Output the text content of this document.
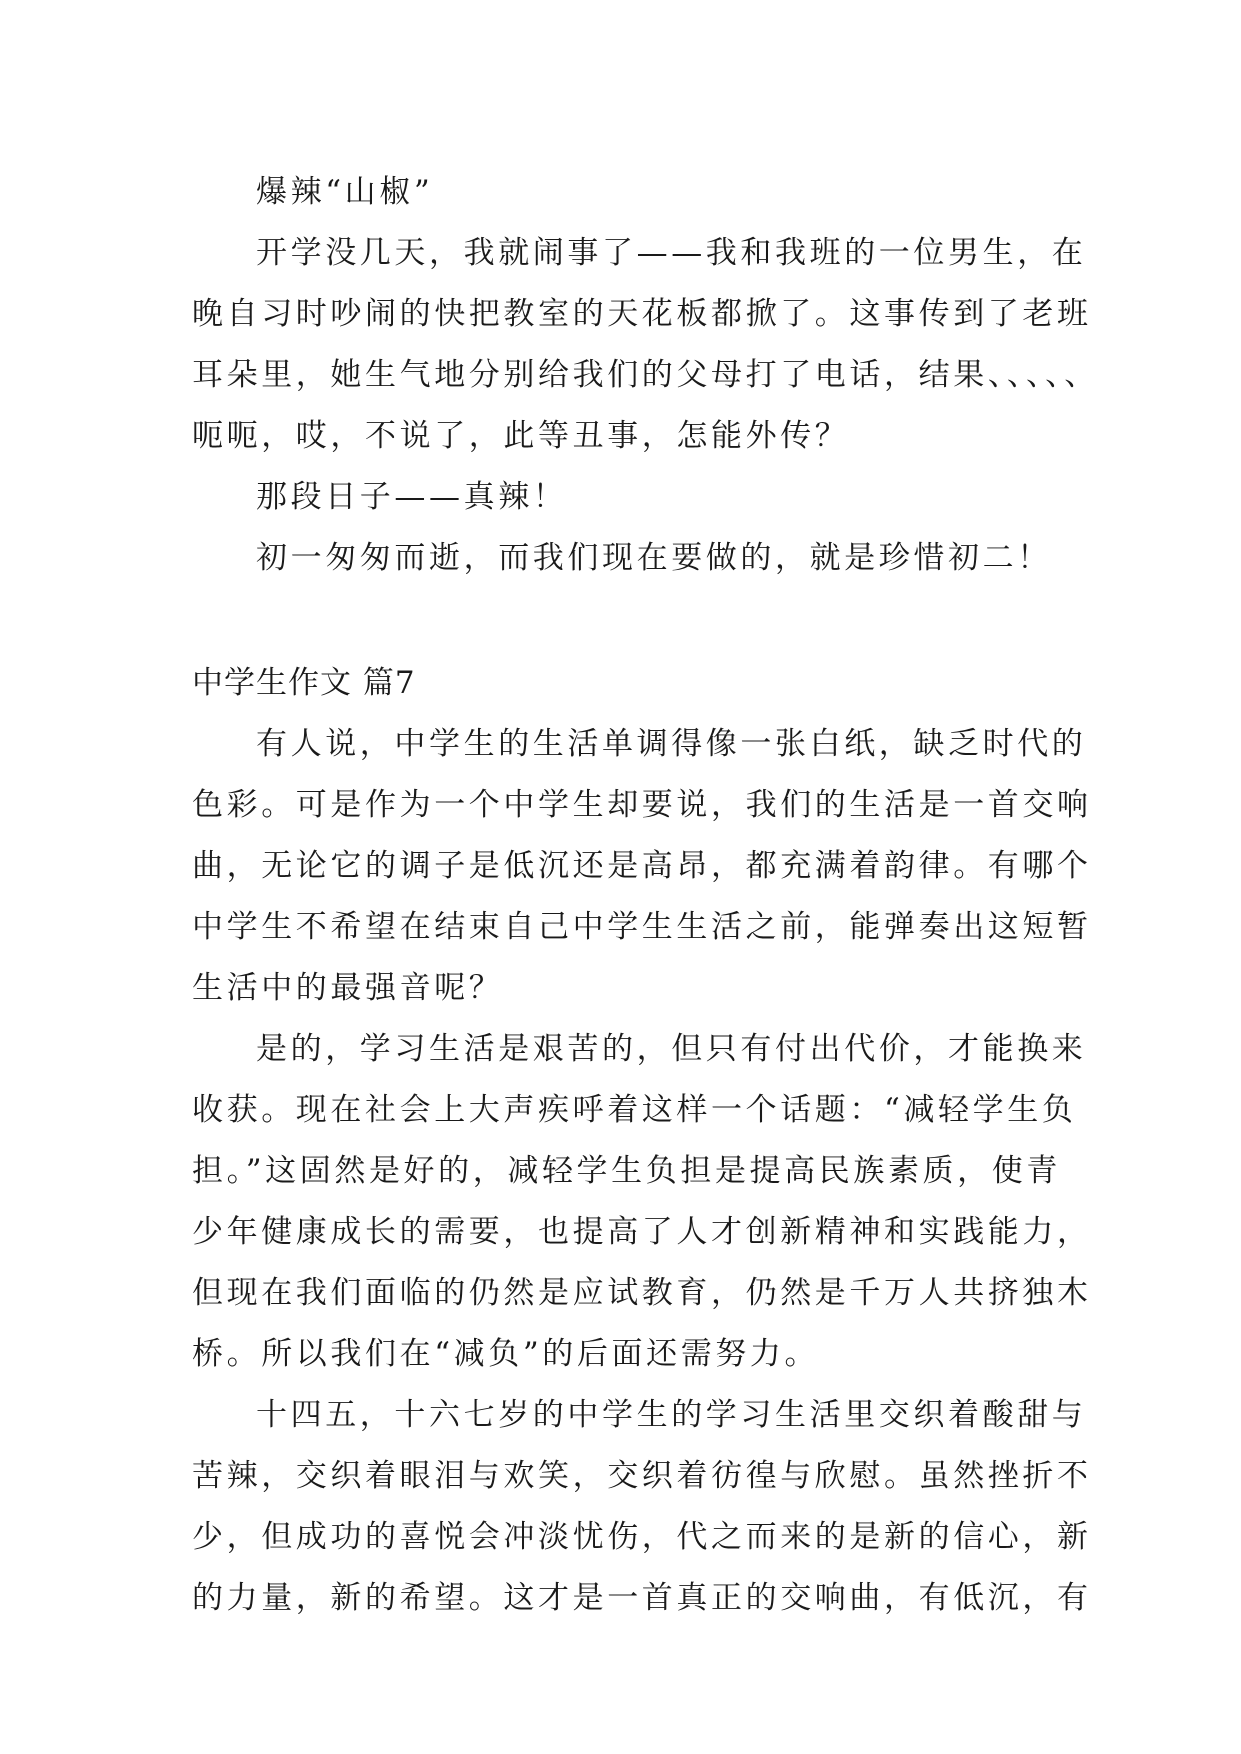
爆辣“山椒”
开学没几天，我就闹事了——我和我班的一位男生，在
晚自习时吵闹的快把教室的天花板都掀了。这事传到了老班
耳朵里，她生气地分别给我们的父母打了电话，结果、、、、、
呃呃，哎，不说了，此等丑事，怎能外传？
那段日子——真辣！
初一匆匆而逝，而我们现在要做的，就是珍惜初二！
中学生作文 篇7
有人说，中学生的生活单调得像一张白纸，缺乏时代的
色彩。可是作为一个中学生却要说，我们的生活是一首交响
曲，无论它的调子是低沉还是高昂，都充满着韵律。有哪个
中学生不希望在结束自己中学生生活之前，能弹奏出这短暂
生活中的最强音呢？
是的，学习生活是艰苦的，但只有付出代价，才能换来
收获。现在社会上大声疾呼着这样一个话题：“减轻学生负
担。”这固然是好的，减轻学生负担是提高民族素质，使青
少年健康成长的需要，也提高了人才创新精神和实践能力，
但现在我们面临的仍然是应试教育，仍然是千万人共挤独木
桥。所以我们在“减负”的后面还需努力。
十四五，十六七岁的中学生的学习生活里交织着酸甜与
苦辣，交织着眼泪与欢笑，交织着彷徨与欣慰。虽然挫折不
少，但成功的喜悦会冲淡忧伤，代之而来的是新的信心，新
的力量，新的希望。这才是一首真正的交响曲，有低沉，有
